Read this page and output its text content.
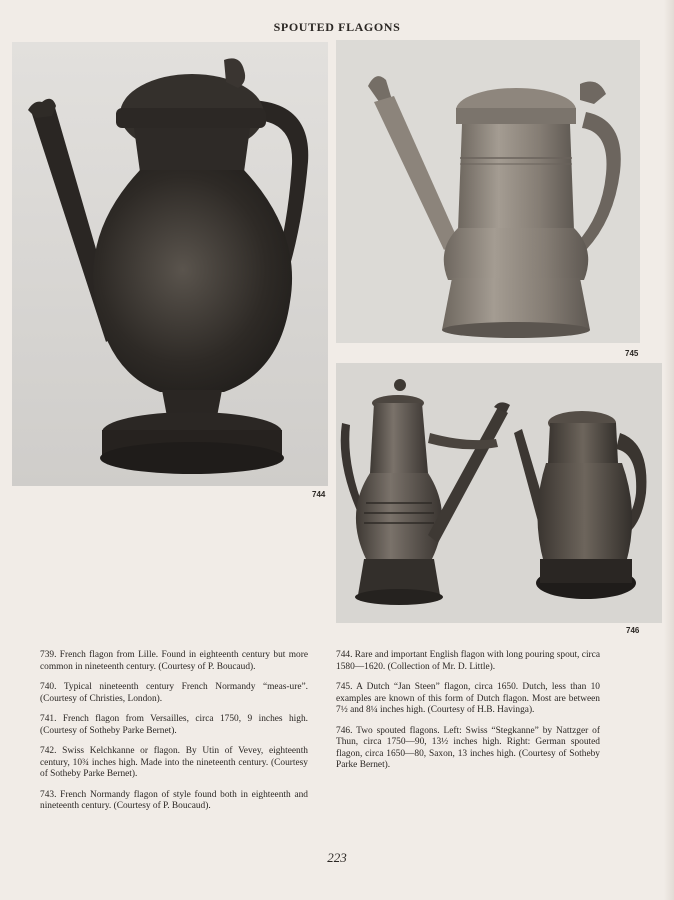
SPOUTED FLAGONS
744
745
746

739. French flagon from Lille. Found in eighteenth century but more common in nineteenth century. (Courtesy of P. Boucaud).

740. Typical nineteenth century French Normandy “meas-ure”. (Courtesy of Christies, London).

741. French flagon from Versailles, circa 1750, 9 inches high. (Courtesy of Sotheby Parke Bernet).

742. Swiss Kelchkanne or flagon. By Utin of Vevey, eighteenth century, 10¾ inches high. Made into the nineteenth century. (Courtesy of Sotheby Parke Bernet).

743. French Normandy flagon of style found both in eighteenth and nineteenth century. (Courtesy of P. Boucaud).

744. Rare and important English flagon with long pouring spout, circa 1580—1620. (Collection of Mr. D. Little).

745. A Dutch “Jan Steen” flagon, circa 1650. Dutch, less than 10 examples are known of this form of Dutch flagon. Most are between 7½ and 8¼ inches high. (Courtesy of H.B. Havinga).

746. Two spouted flagons. Left: Swiss “Stegkanne” by Nattzger of Thun, circa 1750—90, 13½ inches high. Right: German spouted flagon, circa 1650—80, Saxon, 13 inches high. (Courtesy of Sotheby Parke Bernet).

223
